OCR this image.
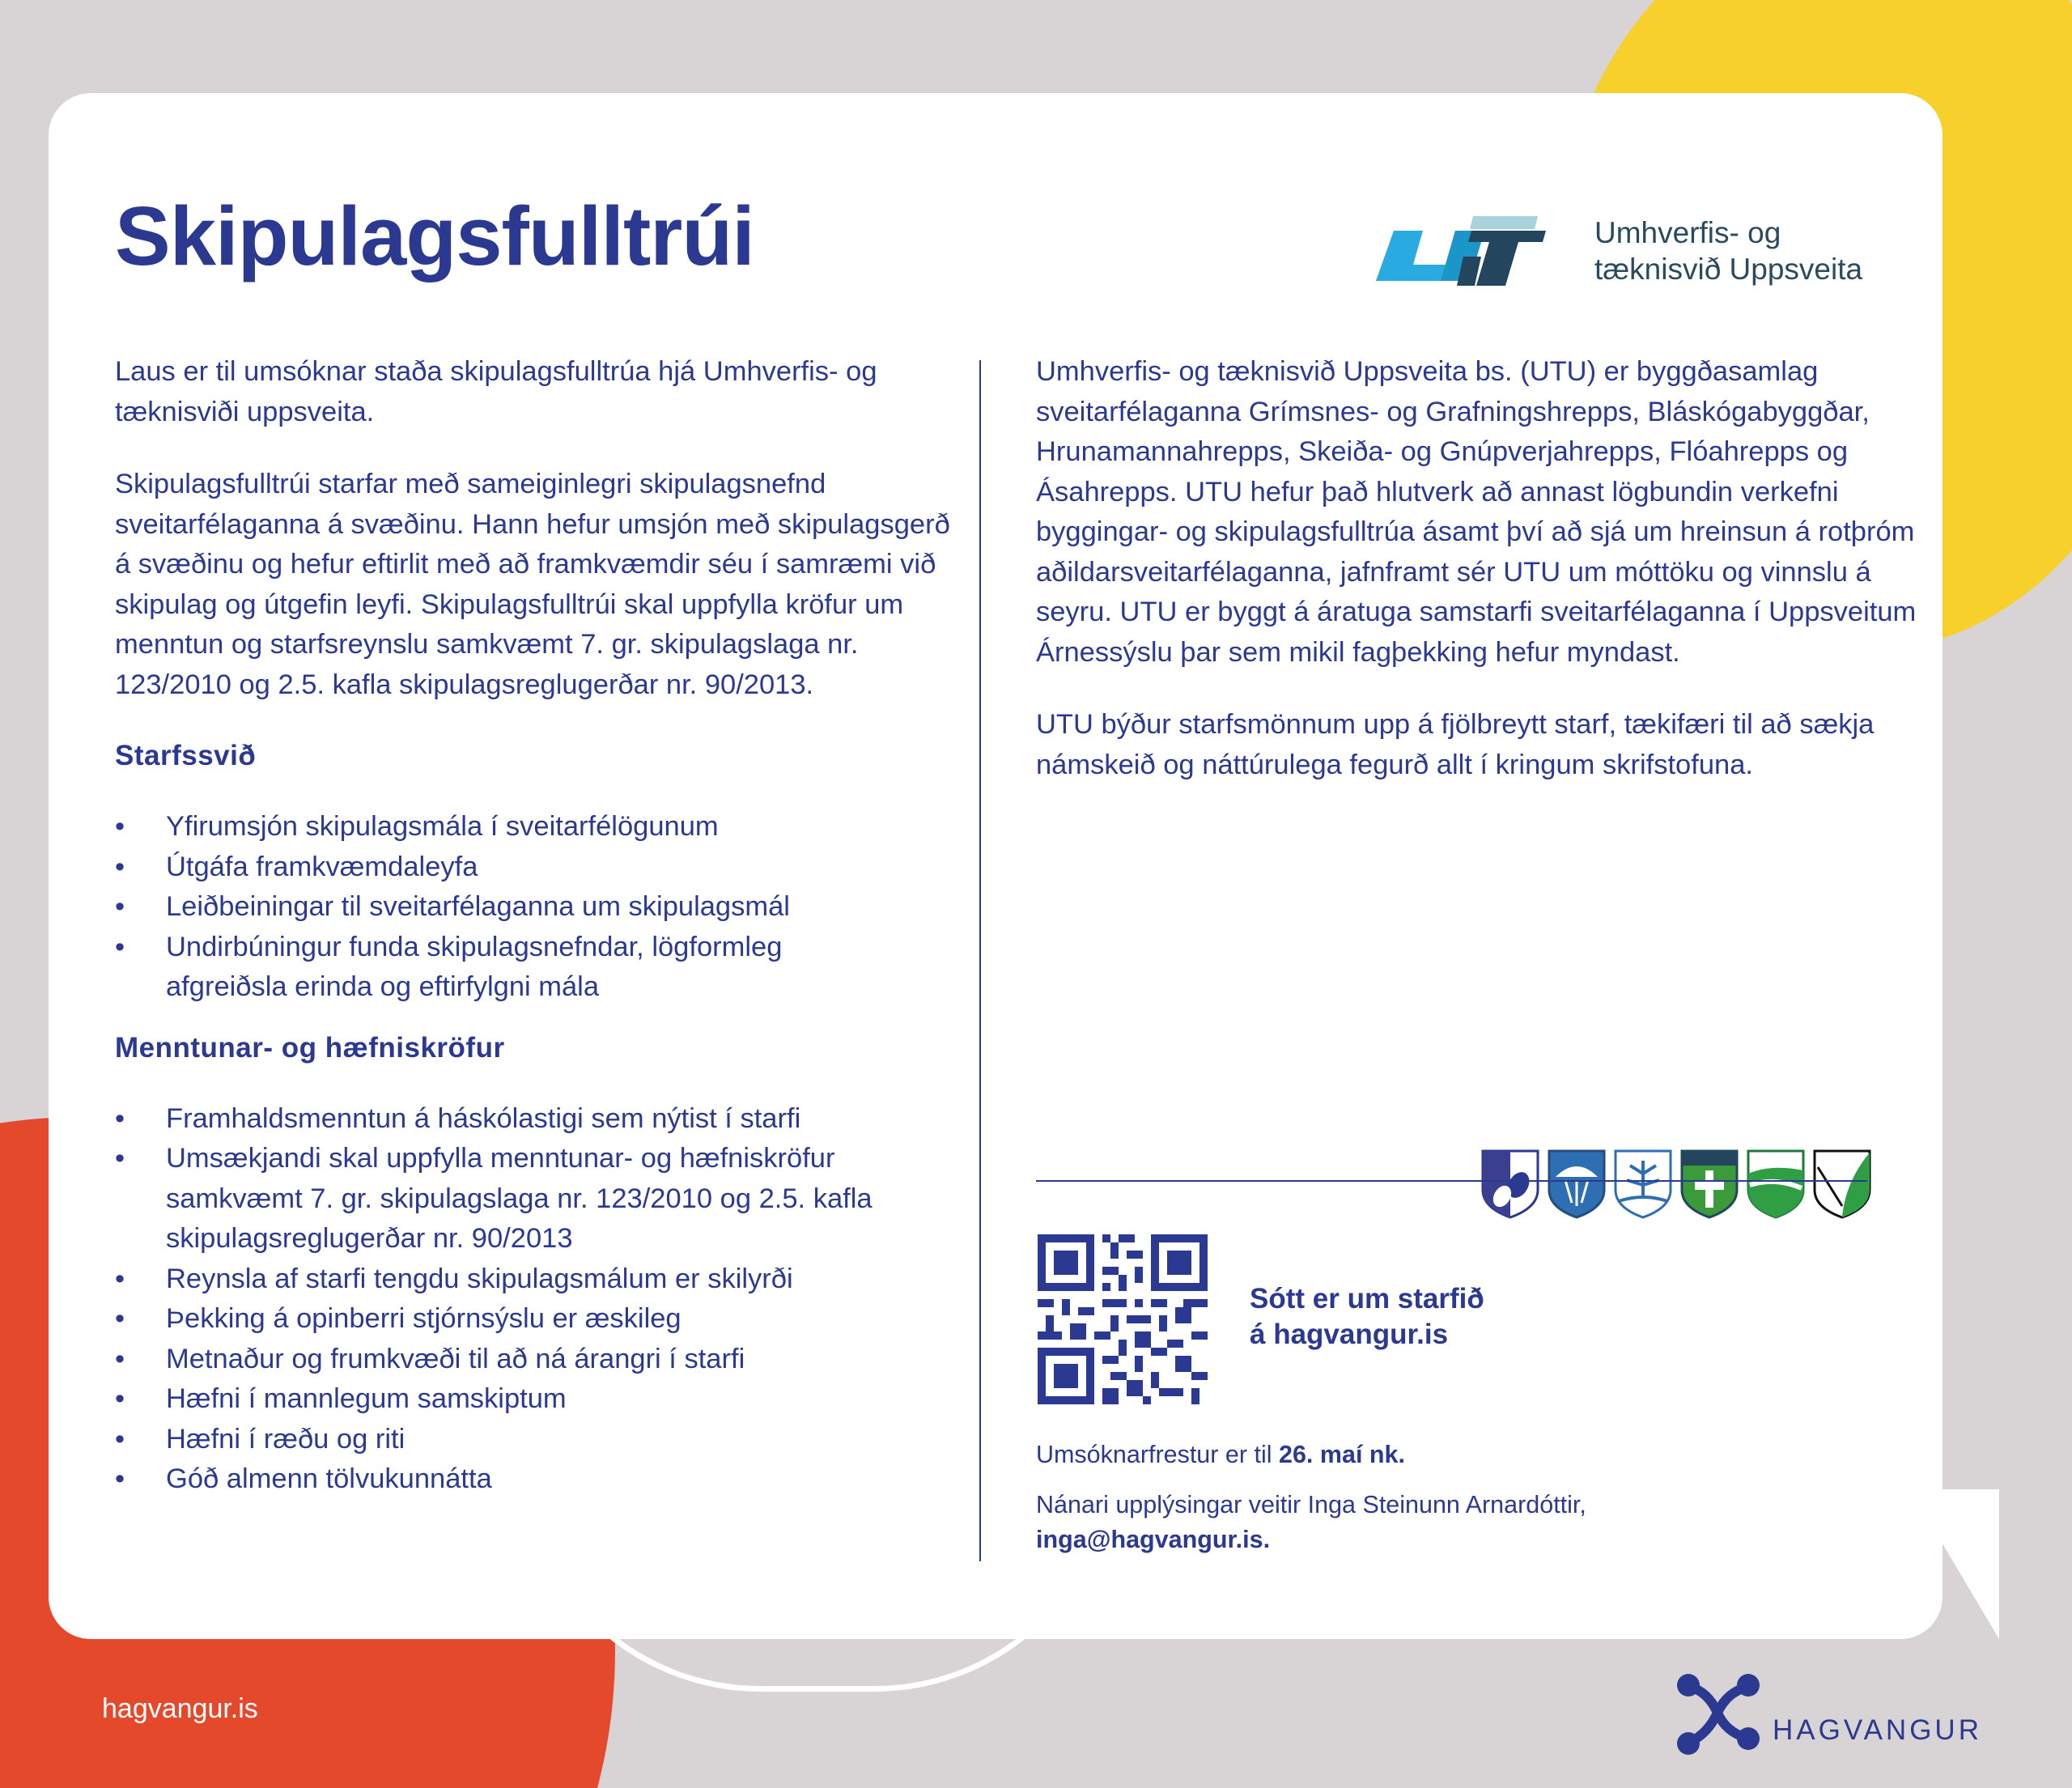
Skipulagsfulltrúi	Umhverfis- og
tæknisvið Uppsveita

Laus er til umsóknar staða skipulagsfulltrúa hjá Umhverfis- og tæknisviði uppsveita.

Skipulagsfulltrúi starfar með sameiginlegri skipulagsnefnd sveitarfélaganna á svæðinu. Hann hefur umsjón með skipulagsgerð á svæðinu og hefur eftirlit með að framkvæmdir séu í samræmi við skipulag og útgefin leyfi. Skipulagsfulltrúi skal uppfylla kröfur um menntun og starfsreynslu samkvæmt 7. gr. skipulagslaga nr. 123/2010 og 2.5. kafla skipulagsreglugerðar nr. 90/2013.

Starfssvið
• Yfirumsjón skipulagsmála í sveitarfélögunum
• Útgáfa framkvæmdaleyfa
• Leiðbeiningar til sveitarfélaganna um skipulagsmál
• Undirbúningur funda skipulagsnefndar, lögformleg afgreiðsla erinda og eftirfylgni mála
Menntunar- og hæfniskröfur
• Framhaldsmenntun á háskólastigi sem nýtist í starfi
• Umsækjandi skal uppfylla menntunar- og hæfniskröfur samkvæmt 7. gr. skipulagslaga nr. 123/2010 og 2.5. kafla skipulagsreglugerðar nr. 90/2013
• Reynsla af starfi tengdu skipulagsmálum er skilyrði
• Þekking á opinberri stjórnsýslu er æskileg
• Metnaður og frumkvæði til að ná árangri í starfi
• Hæfni í mannlegum samskiptum
• Hæfni í ræðu og riti
• Góð almenn tölvukunnátta

Umhverfis- og tæknisvið Uppsveita bs. (UTU) er byggðasamlag sveitarfélaganna Grímsnes- og Grafningshrepps, Bláskógabyggðar, Hrunamannahrepps, Skeiða- og Gnúpverjahrepps, Flóahrepps og Ásahrepps. UTU hefur það hlutverk að annast lögbundin verkefni byggingar- og skipulagsfulltrúa ásamt því að sjá um hreinsun á rotþróm aðildarsveitarfélaganna, jafnframt sér UTU um móttöku og vinnslu á seyru. UTU er byggt á áratuga samstarfi sveitarfélaganna í Uppsveitum Árnessýslu þar sem mikil fagþekking hefur myndast.

UTU býður starfsmönnum upp á fjölbreytt starf, tækifæri til að sækja námskeið og náttúrulega fegurð allt í kringum skrifstofuna.

Sótt er um starfið
á hagvangur.is
Umsóknarfrestur er til 26. maí nk.
Nánari upplýsingar veitir Inga Steinunn Arnardóttir,
inga@hagvangur.is.
hagvangur.is
HAGVANGUR
